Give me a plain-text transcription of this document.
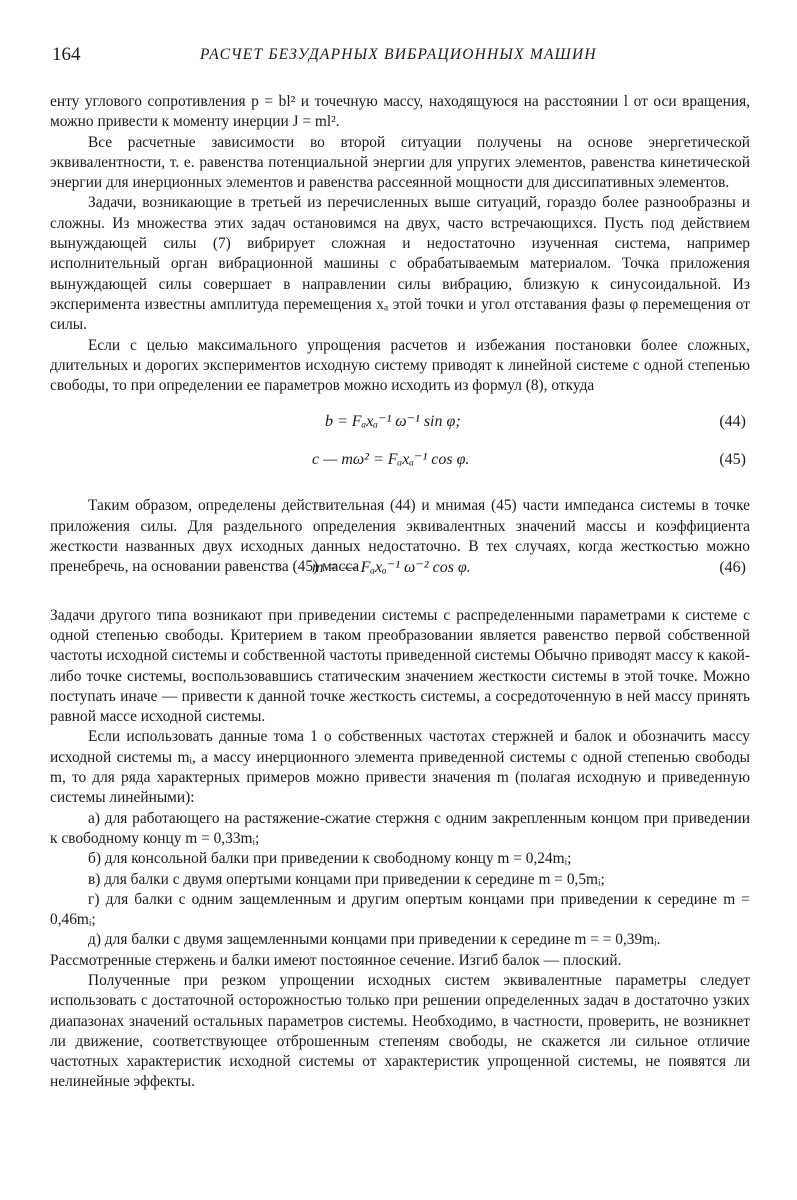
164	РАСЧЕТ БЕЗУДАРНЫХ ВИБРАЦИОННЫХ МАШИН

енту углового сопротивления p = bl² и точечную массу, находящуюся на расстоянии l от оси вращения, можно привести к моменту инерции J = ml².

Все расчетные зависимости во второй ситуации получены на основе энергетической эквивалентности, т. е. равенства потенциальной энергии для упругих элементов, равенства кинетической энергии для инерционных элементов и равенства рассеянной мощности для диссипативных элементов.

Задачи, возникающие в третьей из перечисленных выше ситуаций, гораздо более разнообразны и сложны. Из множества этих задач остановимся на двух, часто встречающихся. Пусть под действием вынуждающей силы (7) вибрирует сложная и недостаточно изученная система, например исполнительный орган вибрационной машины с обрабатываемым материалом. Точка приложения вынуждающей силы совершает в направлении силы вибрацию, близкую к синусоидальной. Из эксперимента известны амплитуда перемещения xₐ этой точки и угол отставания фазы φ перемещения от силы.

Если с целью максимального упрощения расчетов и избежания постановки более сложных, длительных и дорогих экспериментов исходную систему приводят к линейной системе с одной степенью свободы, то при определении ее параметров можно исходить из формул (8), откуда

b = Fₐxₐ⁻¹ ω⁻¹ sin φ;	(44)
c — mω² = Fₐxₐ⁻¹ cos φ.	(45)

Таким образом, определены действительная (44) и мнимая (45) части импеданса системы в точке приложения силы. Для раздельного определения эквивалентных значений массы и коэффициента жесткости названных двух исходных данных недостаточно. В тех случаях, когда жесткостью можно пренебречь, на основании равенства (45) масса

m = — Fₐxₐ⁻¹ ω⁻² cos φ.	(46)

Задачи другого типа возникают при приведении системы с распределенными параметрами к системе с одной степенью свободы. Критерием в таком преобразовании является равенство первой собственной частоты исходной системы и собственной частоты приведенной системы Обычно приводят массу к какой-либо точке системы, воспользовавшись статическим значением жесткости системы в этой точке. Можно поступать иначе — привести к данной точке жесткость системы, а сосредоточенную в ней массу принять равной массе исходной системы.

Если использовать данные тома 1 о собственных частотах стержней и балок и обозначить массу исходной системы mᵢ, а массу инерционного элемента приведенной системы с одной степенью свободы m, то для ряда характерных примеров можно привести значения m (полагая исходную и приведенную системы линейными):

а) для работающего на растяжение-сжатие стержня с одним закрепленным концом при приведении к свободному концу m = 0,33mᵢ;

б) для консольной балки при приведении к свободному концу m = 0,24mᵢ;

в) для балки с двумя опертыми концами при приведении к середине m = 0,5mᵢ;

г) для балки с одним защемленным и другим опертым концами при приведении к середине m = 0,46mᵢ;

д) для балки с двумя защемленными концами при приведении к середине m = = 0,39mᵢ.

Рассмотренные стержень и балки имеют постоянное сечение. Изгиб балок — плоский.

Полученные при резком упрощении исходных систем эквивалентные параметры следует использовать с достаточной осторожностью только при решении определенных задач в достаточно узких диапазонах значений остальных параметров системы. Необходимо, в частности, проверить, не возникнет ли движение, соответствующее отброшенным степеням свободы, не скажется ли сильное отличие частотных характеристик исходной системы от характеристик упрощенной системы, не появятся ли нелинейные эффекты.
